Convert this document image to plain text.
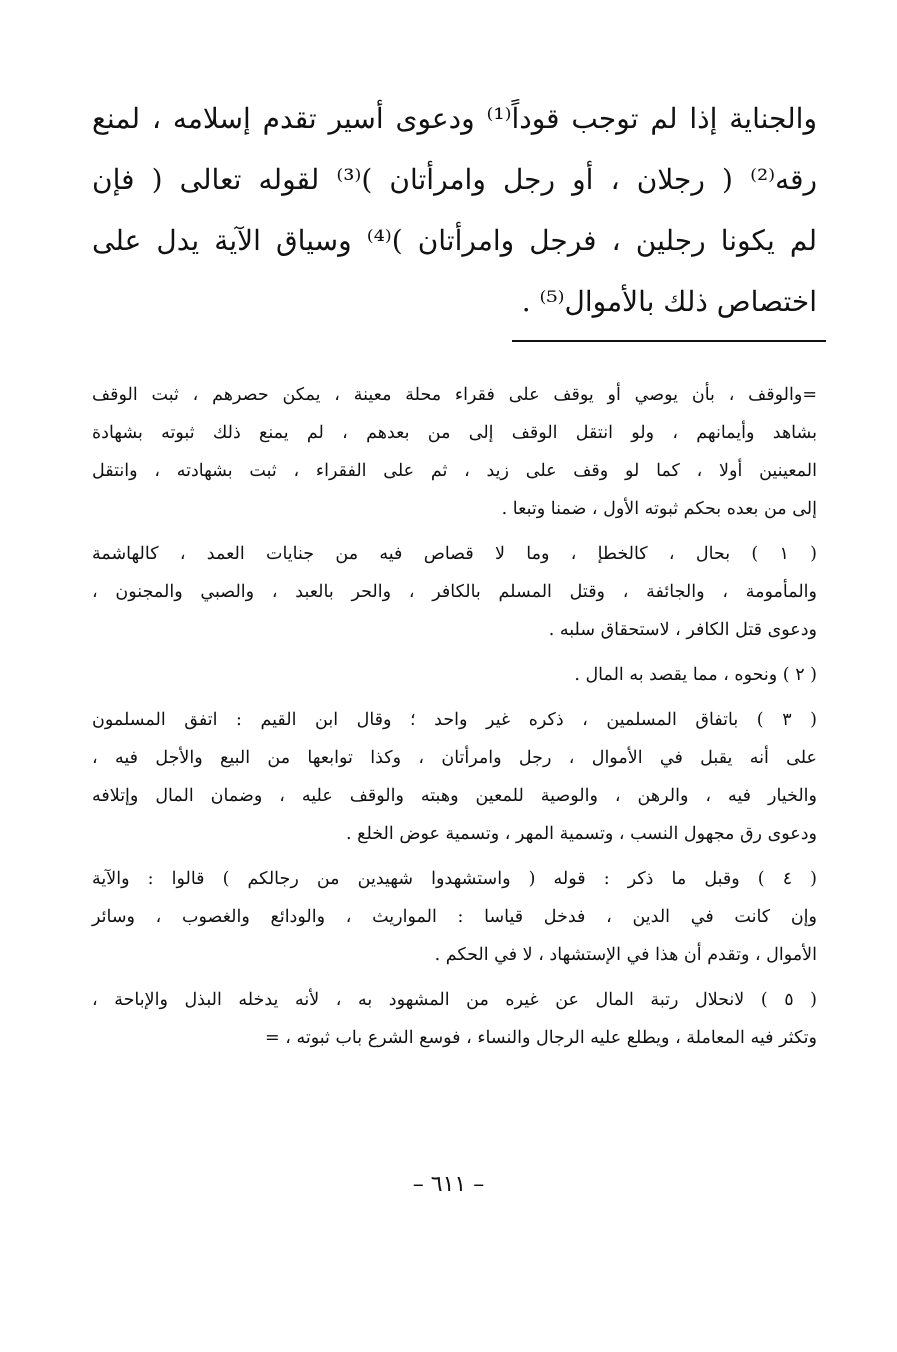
والجناية إذا لم توجب قوداً⁽¹⁾ ودعوى أسير تقدم إسلامه ، لمنع
رقه⁽²⁾ ( رجلان ، أو رجل وامرأتان )⁽³⁾ لقوله تعالى ( فإن
لم يكونا رجلين ، فرجل وامرأتان )⁽⁴⁾ وسياق الآية يدل على
اختصاص ذلك بالأموال⁽⁵⁾ .

=والوقف ، بأن يوصي أو يوقف على فقراء محلة معينة ، يمكن حصرهم ، ثبت الوقف
بشاهد وأيمانهم ، ولو انتقل الوقف إلى من بعدهم ، لم يمنع ذلك ثبوته بشهادة
المعينين أولا ، كما لو وقف على زيد ، ثم على الفقراء ، ثبت بشهادته ، وانتقل
إلى من بعده بحكم ثبوته الأول ، ضمنا وتبعا .
( ١ ) بحال ، كالخطإ ، وما لا قصاص فيه من جنايات العمد ، كالهاشمة
والمأمومة ، والجائفة ، وقتل المسلم بالكافر ، والحر بالعبد ، والصبي والمجنون ،
ودعوى قتل الكافر ، لاستحقاق سلبه .
( ٢ ) ونحوه ، مما يقصد به المال .
( ٣ ) باتفاق المسلمين ، ذكره غير واحد ؛ وقال ابن القيم : اتفق المسلمون
على أنه يقبل في الأموال ، رجل وامرأتان ، وكذا توابعها من البيع والأجل فيه ،
والخيار فيه ، والرهن ، والوصية للمعين وهبته والوقف عليه ، وضمان المال وإتلافه
ودعوى رق مجهول النسب ، وتسمية المهر ، وتسمية عوض الخلع .
( ٤ ) وقبل ما ذكر : قوله ( واستشهدوا شهيدين من رجالكم ) قالوا : والآية
وإن كانت في الدين ، فدخل قياسا : المواريث ، والودائع والغصوب ، وسائر
الأموال ، وتقدم أن هذا في الإستشهاد ، لا في الحكم .
( ٥ ) لانحلال رتبة المال عن غيره من المشهود به ، لأنه يدخله البذل والإباحة ،
وتكثر فيه المعاملة ، ويطلع عليه الرجال والنساء ، فوسع الشرع باب ثبوته ، =
– ٦١١ –
